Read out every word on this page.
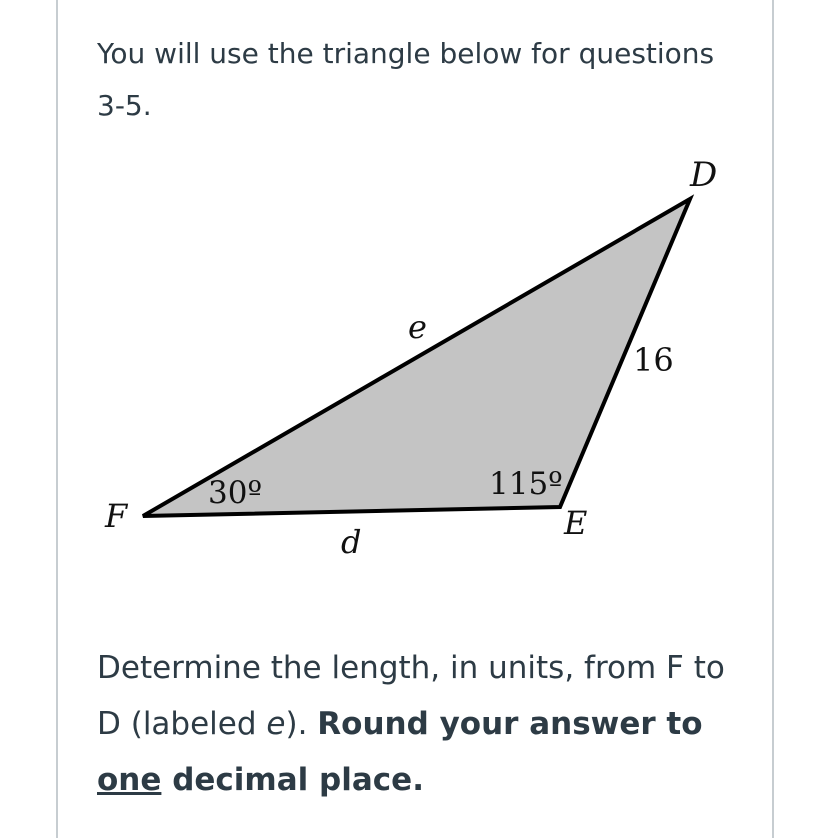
You will use the triangle below for questions 3-5.

F
D
E
e
d
16
30º	115º

Determine the length, in units, from F to D (labeled e). Round your answer to one decimal place.
